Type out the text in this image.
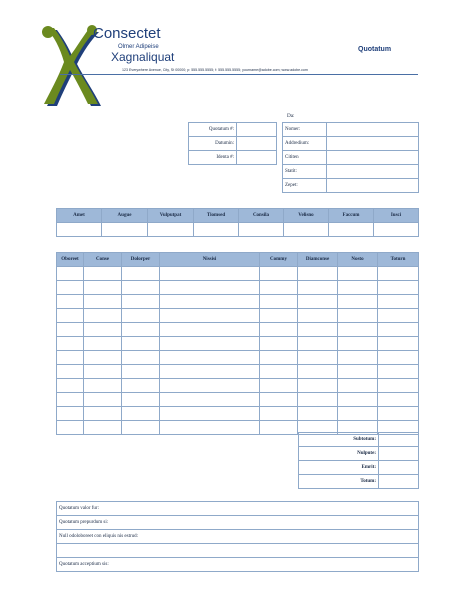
Consectet
Olmer Adipeise
Xagnaliquat
123 Everywhere Avenue, City, St 00000; p: 555.555.5555; f: 555.555.5555; yourname@adobe.com; www.adobe.com
Quotatum
Quotatum #:	
Datumin:	
Identa #:	
Da:
Nomer:	
Addredium:	
Cititen	
Statit:	
Zepet:	
Amet	Augue	Vulputpat	Tiomsed	Consila	Velisno	Faccum	Iusci

Oboreet	Conse	Dolorper	Nissisi	Commy	Diamconse	Nosto	Toturn

Subtotum:	
Nulpute:	
Emrit:	
Totum:	
Quotatum valor fur:
Quotatum prepurdum si:
Null odoloboreet con eliquis nis estrud:

Quotatum acceptium sis:
